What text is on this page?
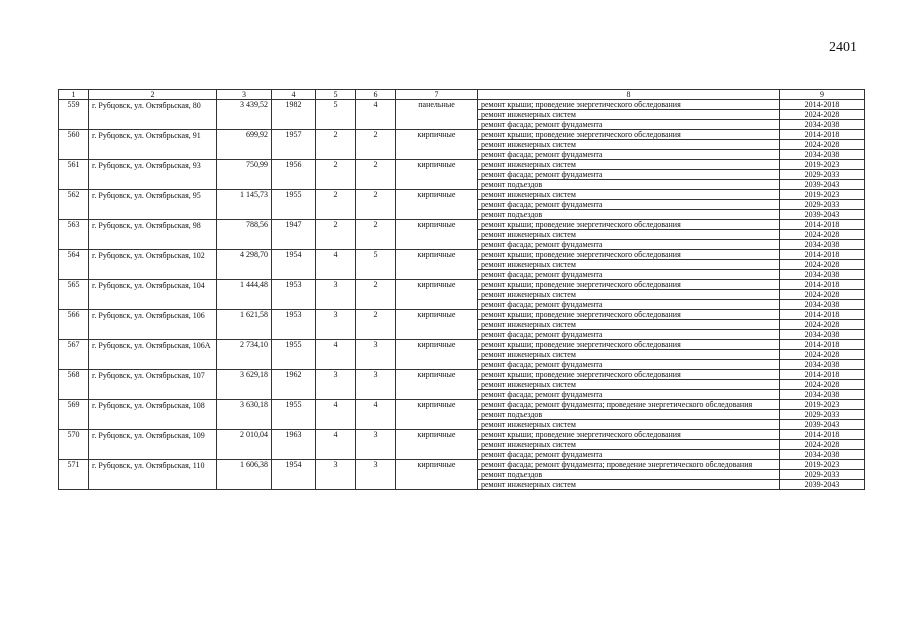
2401
1	2	3	4	5	6	7	8	9
559	г. Рубцовск, ул. Октябрьская, 80	3 439,52	1982	5	4	панельные	ремонт крыши; проведение энергетического обследования	2014-2018
							ремонт инженерных систем	2024-2028
							ремонт фасада; ремонт фундамента	2034-2038
560	г. Рубцовск, ул. Октябрьская, 91	699,92	1957	2	2	кирпичные	ремонт крыши; проведение энергетического обследования	2014-2018
							ремонт инженерных систем	2024-2028
							ремонт фасада; ремонт фундамента	2034-2038
561	г. Рубцовск, ул. Октябрьская, 93	750,99	1956	2	2	кирпичные	ремонт инженерных систем	2019-2023
							ремонт фасада; ремонт фундамента	2029-2033
							ремонт подъездов	2039-2043
562	г. Рубцовск, ул. Октябрьская, 95	1 145,73	1955	2	2	кирпичные	ремонт инженерных систем	2019-2023
							ремонт фасада; ремонт фундамента	2029-2033
							ремонт подъездов	2039-2043
563	г. Рубцовск, ул. Октябрьская, 98	788,56	1947	2	2	кирпичные	ремонт крыши; проведение энергетического обследования	2014-2018
							ремонт инженерных систем	2024-2028
							ремонт фасада; ремонт фундамента	2034-2038
564	г. Рубцовск, ул. Октябрьская, 102	4 298,70	1954	4	5	кирпичные	ремонт крыши; проведение энергетического обследования	2014-2018
							ремонт инженерных систем	2024-2028
							ремонт фасада; ремонт фундамента	2034-2038
565	г. Рубцовск, ул. Октябрьская, 104	1 444,48	1953	3	2	кирпичные	ремонт крыши; проведение энергетического обследования	2014-2018
							ремонт инженерных систем	2024-2028
							ремонт фасада; ремонт фундамента	2034-2038
566	г. Рубцовск, ул. Октябрьская, 106	1 621,58	1953	3	2	кирпичные	ремонт крыши; проведение энергетического обследования	2014-2018
							ремонт инженерных систем	2024-2028
							ремонт фасада; ремонт фундамента	2034-2038
567	г. Рубцовск, ул. Октябрьская, 106А	2 734,10	1955	4	3	кирпичные	ремонт крыши; проведение энергетического обследования	2014-2018
							ремонт инженерных систем	2024-2028
							ремонт фасада; ремонт фундамента	2034-2038
568	г. Рубцовск, ул. Октябрьская, 107	3 629,18	1962	3	3	кирпичные	ремонт крыши; проведение энергетического обследования	2014-2018
							ремонт инженерных систем	2024-2028
							ремонт фасада; ремонт фундамента	2034-2038
569	г. Рубцовск, ул. Октябрьская, 108	3 630,18	1955	4	4	кирпичные	ремонт фасада; ремонт фундамента; проведение энергетического обследования	2019-2023
							ремонт подъездов	2029-2033
							ремонт инженерных систем	2039-2043
570	г. Рубцовск, ул. Октябрьская, 109	2 010,04	1963	4	3	кирпичные	ремонт крыши; проведение энергетического обследования	2014-2018
							ремонт инженерных систем	2024-2028
							ремонт фасада; ремонт фундамента	2034-2038
571	г. Рубцовск, ул. Октябрьская, 110	1 606,38	1954	3	3	кирпичные	ремонт фасада; ремонт фундамента; проведение энергетического обследования	2019-2023
							ремонт подъездов	2029-2033
							ремонт инженерных систем	2039-2043
